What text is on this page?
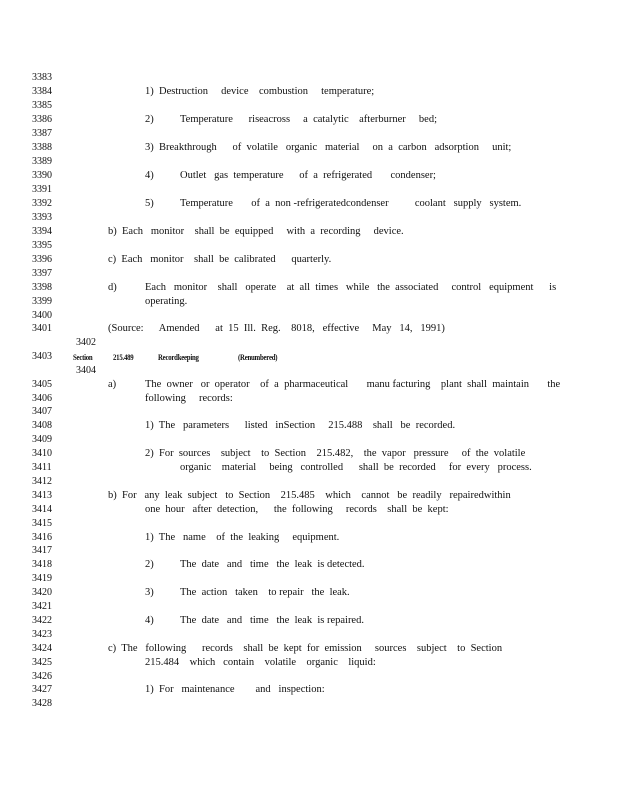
3383
3384
3385
3386
3387
3388
3389
3390
3391
3392
3393
3394
3395
3396
3397
3398
3399
3400
3401
3402
3403
3404
3405
3406
3407
3408
3409
3410
3411
3412
3413
3414
3415
3416
3417
3418
3419
3420
3421
3422
3423
3424
3425
3426
3427
3428
1)  Destruction     device    combustion     temperature;
2)	Temperature      riseacross     a  catalytic    afterburner     bed;
3)  Breakthrough      of  volatile   organic   material     on  a  carbon   adsorption     unit;
4)	Outlet   gas  temperature      of  a  refrigerated       condenser;
5)	Temperature       of  a  non -refrigeratedcondenser          coolant   supply   system.
b)  Each   monitor    shall  be  equipped     with  a  recording     device.
c)  Each   monitor    shall  be  calibrated      quarterly.
d)	Each   monitor    shall   operate    at  all  times   while   the  associated     control   equipment      is
operating.
(Source:      Amended      at  15  Ill.  Reg.    8018,   effective     May   14,   1991)
Section 215.489	Recordkeeping	(Renumbered)
a)	The  owner   or  operator    of  a  pharmaceutical       manu facturing    plant  shall  maintain       the
following     records:
1)  The   parameters      listed   inSection     215.488    shall   be  recorded.
2)  For  sources    subject    to  Section    215.482,    the  vapor   pressure     of  the  volatile
organic    material     being   controlled      shall  be  recorded     for  every   process.
b)  For   any  leak  subject   to  Section    215.485    which    cannot   be  readily   repairedwithin
one  hour   after  detection,      the  following     records    shall  be  kept:
1)  The   name    of  the  leaking     equipment.
2)	The  date   and   time   the  leak  is detected.
3)	The  action   taken    to repair   the  leak.
4)	The  date   and   time   the  leak  is repaired.
c)  The   following      records    shall  be  kept  for  emission     sources    subject    to  Section
215.484    which   contain    volatile    organic    liquid:
1)  For   maintenance        and   inspection:
